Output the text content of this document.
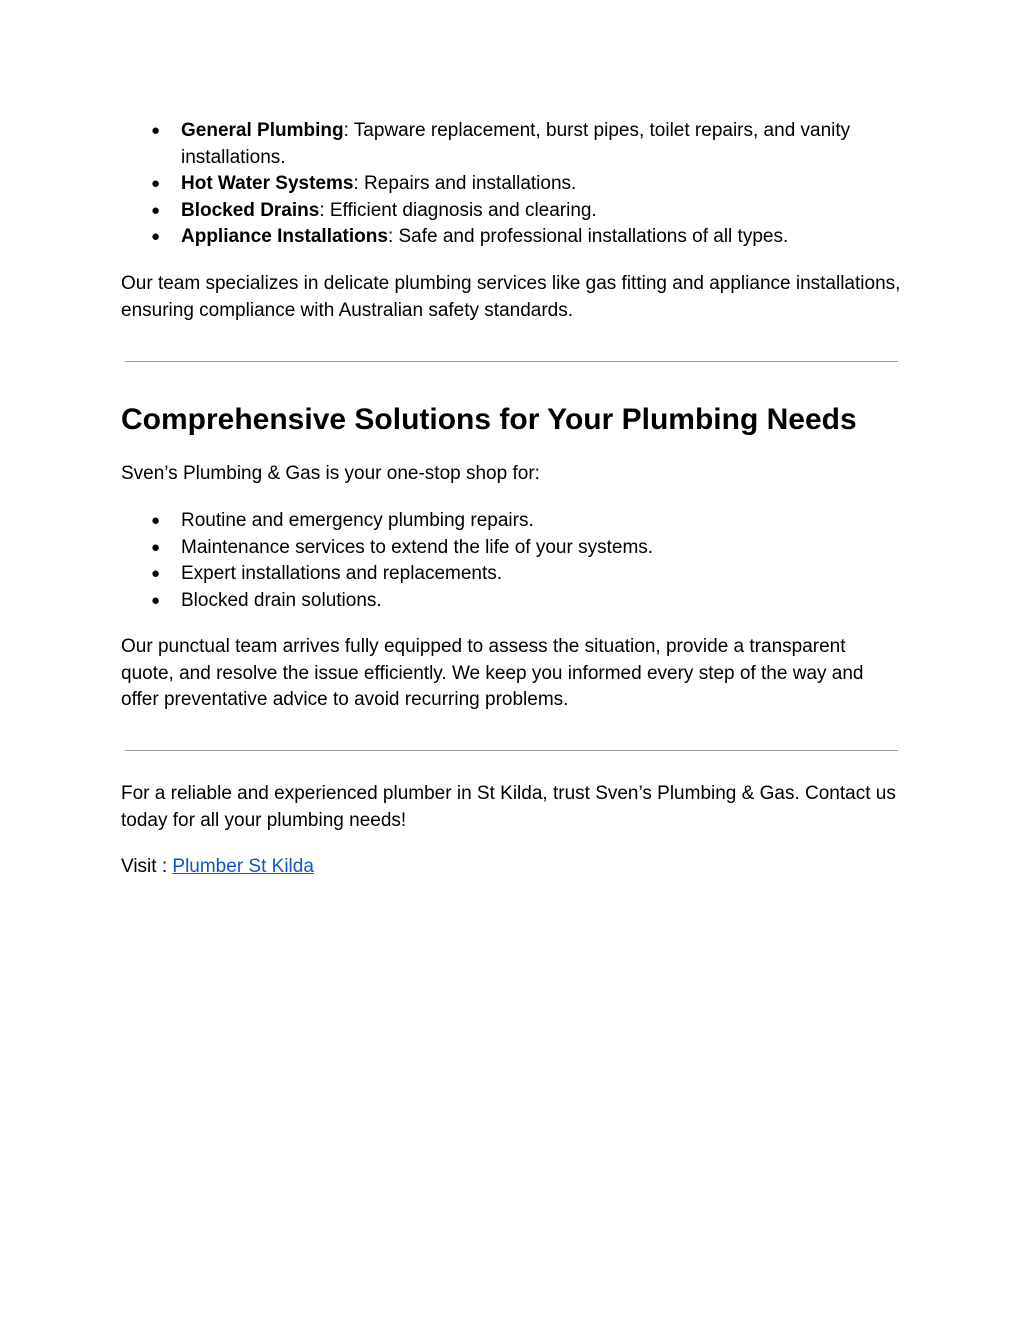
● General Plumbing: Tapware replacement, burst pipes, toilet repairs, and vanity installations.
● Hot Water Systems: Repairs and installations.
● Blocked Drains: Efficient diagnosis and clearing.
● Appliance Installations: Safe and professional installations of all types.

Our team specializes in delicate plumbing services like gas fitting and appliance installations, ensuring compliance with Australian safety standards.

Comprehensive Solutions for Your Plumbing Needs

Sven’s Plumbing & Gas is your one-stop shop for:

● Routine and emergency plumbing repairs.
● Maintenance services to extend the life of your systems.
● Expert installations and replacements.
● Blocked drain solutions.

Our punctual team arrives fully equipped to assess the situation, provide a transparent quote, and resolve the issue efficiently. We keep you informed every step of the way and offer preventative advice to avoid recurring problems.

For a reliable and experienced plumber in St Kilda, trust Sven’s Plumbing & Gas. Contact us today for all your plumbing needs!

Visit : Plumber St Kilda
